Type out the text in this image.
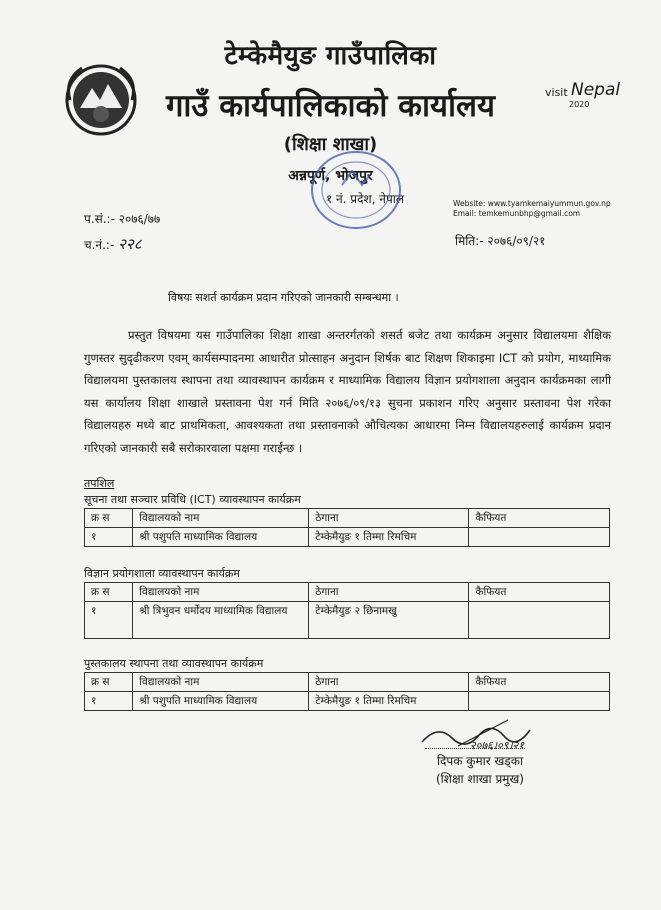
टेम्केमैयुङ गाउँपालिका
गाउँ कार्यपालिकाको कार्यालय
(शिक्षा शाखा)
अन्नपूर्ण, भोजपुर
१ नं. प्रदेश, नेपाल
visit Nepal
2020
Website: www.tyamkemaiyummun.gov.np
Email: temkemunbhp@gmail.com
प.सं.:- २०७६/७७
च.नं.:- २२८	मिति:- २०७६/०९/२१
विषयः सशर्त कार्यक्रम प्रदान गरिएको जानकारी सम्बन्धमा ।
प्रस्तुत विषयमा यस गाउँपालिका शिक्षा शाखा अन्तरर्गतको शसर्त बजेट तथा कार्यक्रम अनुसार विद्यालयमा शैक्षिक गुणस्तर सुदृढीकरण एवम् कार्यसम्पादनमा आधारीत प्रोत्साहन अनुदान शिर्षक बाट शिक्षण शिकाइमा ICT को प्रयोग, माध्यामिक विद्यालयमा पुस्तकालय स्थापना तथा व्यावस्थापन कार्यक्रम र माध्यामिक विद्यालय विज्ञान प्रयोगशाला अनुदान कार्यक्रमका लागी यस कार्यालय शिक्षा शाखाले प्रस्तावना पेश गर्न मिति २०७६/०९/१३ सुचना प्रकाशन गरिए अनुसार प्रस्तावना पेश गरेका विद्यालयहरु मध्ये बाट प्राथमिकता, आवश्यकता तथा प्रस्तावनाको औचित्यका आधारमा निम्न विद्यालयहरुलाई कार्यक्रम प्रदान गरिएको जानकारी सबै सरोकारवाला पक्षमा गराईन्छ ।
तपशिल
सूचना तथा सञ्चार प्रविधि (ICT) व्यावस्थापन कार्यक्रम
क्र स	विद्यालयको नाम	ठेगाना	कैफियत
१	श्री पशुपति माध्यामिक विद्यालय	टेम्केमैयुङ १ तिम्मा रिमचिम	
विज्ञान प्रयोगशाला व्यावस्थापन कार्यक्रम
क्र स	विद्यालयको नाम	ठेगाना	कैफियत
१	श्री त्रिभुवन धर्मोदय माध्यामिक विद्यालय	टेम्केमैयुङ २ छिनामखु	
पुस्तकालय स्थापना तथा व्यावस्थापन कार्यक्रम
क्र स	विद्यालयको नाम	ठेगाना	कैफियत
१	श्री पशुपति माध्यामिक विद्यालय	टेम्केमैयुङ १ तिम्मा रिमचिम	
२०७६।०९।२१
दिपक कुमार खड्का
(शिक्षा शाखा प्रमुख)
